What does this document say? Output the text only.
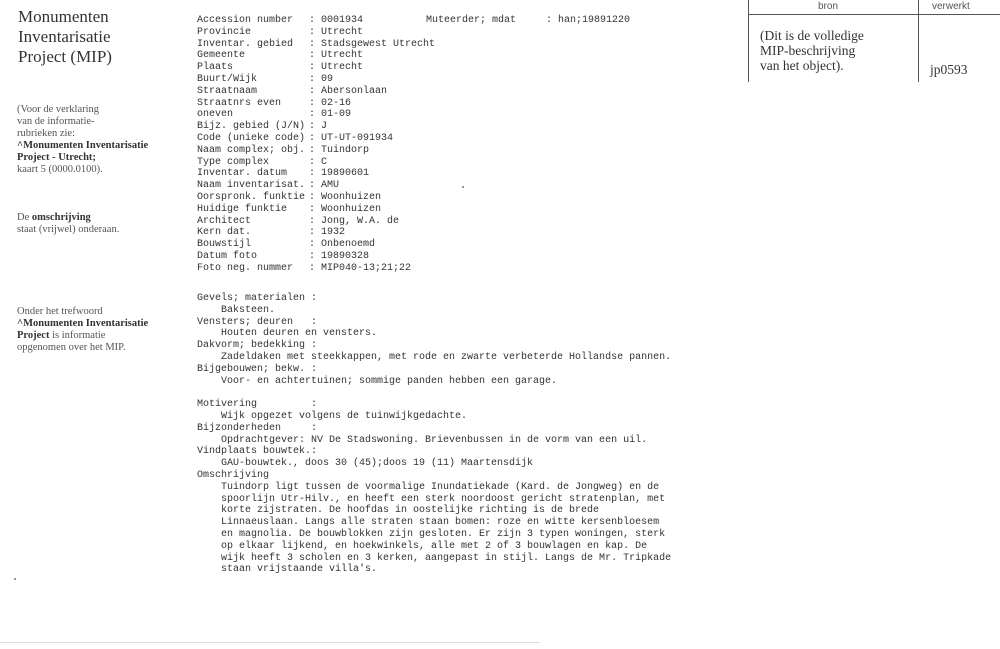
Monumenten
Inventarisatie
Project (MIP)
(Voor de verklaring
van de informatie-
rubrieken zie:
^Monumenten Inventarisatie
Project - Utrecht;
kaart 5 (0000.0100).
De omschrijving
staat (vrijwel) onderaan.
Onder het trefwoord
^Monumenten Inventarisatie
Project is informatie
opgenomen over het MIP.
Accession number : 0001934
Provincie	: Utrecht
Inventar. gebied : Stadsgewest Utrecht
Gemeente	: Utrecht
Plaats	: Utrecht
Buurt/Wijk	: 09
Straatnaam	: Abersonlaan
Straatnrs even	: 02-16
oneven	: 01-09
Bijz. gebied (J/N) : J
Code (unieke code) : UT-UT-091934
Naam complex; obj. : Tuindorp
Type complex	: C
Inventar. datum : 19890601
Naam inventarisat. : AMU
Oorspronk. funktie : Woonhuizen
Huidige funktie : Woonhuizen
Architect	: Jong, W.A. de
Kern dat.	: 1932
Bouwstijl	: Onbenoemd
Datum foto	: 19890328
Foto neg. nummer : MIP040-13;21;22
Muteerder; mdat     : han;19891220
Gevels; materialen :
Baksteen.
Vensters; deuren   :
Houten deuren en vensters.
Dakvorm; bedekking :
Zadeldaken met steekkappen, met rode en zwarte verbeterde Hollandse pannen.
Bijgebouwen; bekw. :
Voor- en achtertuinen; sommige panden hebben een garage.
Motivering         :
Wijk opgezet volgens de tuinwijkgedachte.
Bijzonderheden     :
Opdrachtgever: NV De Stadswoning. Brievenbussen in de vorm van een uil.
Vindplaats bouwtek.:
GAU-bouwtek., doos 30 (45);doos 19 (11) Maartensdijk
Omschrijving
Tuindorp ligt tussen de voormalige Inundatiekade (Kard. de Jongweg) en de
spoorlijn Utr-Hilv., en heeft een sterk noordoost gericht stratenplan, met
korte zijstraten. De hoofdas in oostelijke richting is de brede
Linnaeuslaan. Langs alle straten staan bomen: roze en witte kersenbloesem
en magnolia. De bouwblokken zijn gesloten. Er zijn 3 typen woningen, sterk
op elkaar lijkend, en hoekwinkels, alle met 2 of 3 bouwlagen en kap. De
wijk heeft 3 scholen en 3 kerken, aangepast in stijl. Langs de Mr. Tripkade
staan vrijstaande villa's.
bron	verwerkt
(Dit is de volledige
MIP-beschrijving
van het object).	jp0593
